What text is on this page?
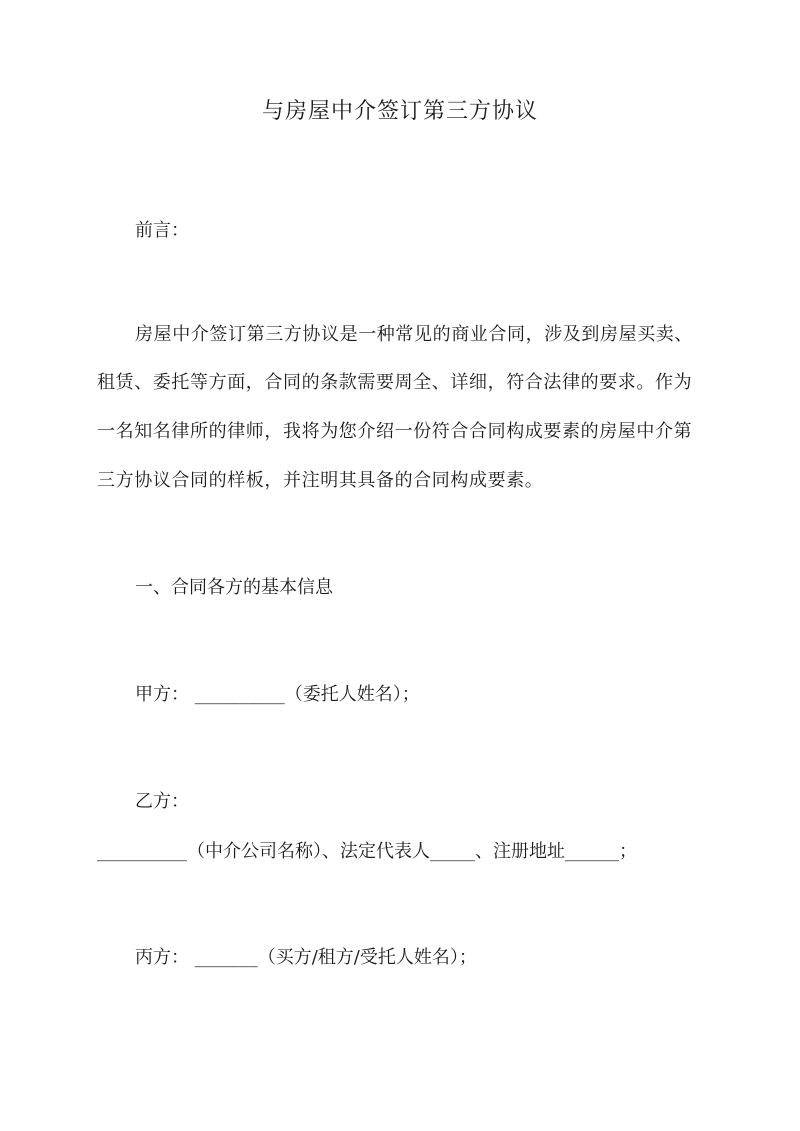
与房屋中介签订第三方协议
前言：
房屋中介签订第三方协议是一种常见的商业合同，涉及到房屋买卖、
租赁、委托等方面，合同的条款需要周全、详细，符合法律的要求。作为
一名知名律所的律师，我将为您介绍一份符合合同构成要素的房屋中介第
三方协议合同的样板，并注明其具备的合同构成要素。
一、合同各方的基本信息
甲方： __________（委托人姓名）；
乙方：
__________（中介公司名称）、法定代表人_____、注册地址______；
丙方： _______（买方/租方/受托人姓名）；
